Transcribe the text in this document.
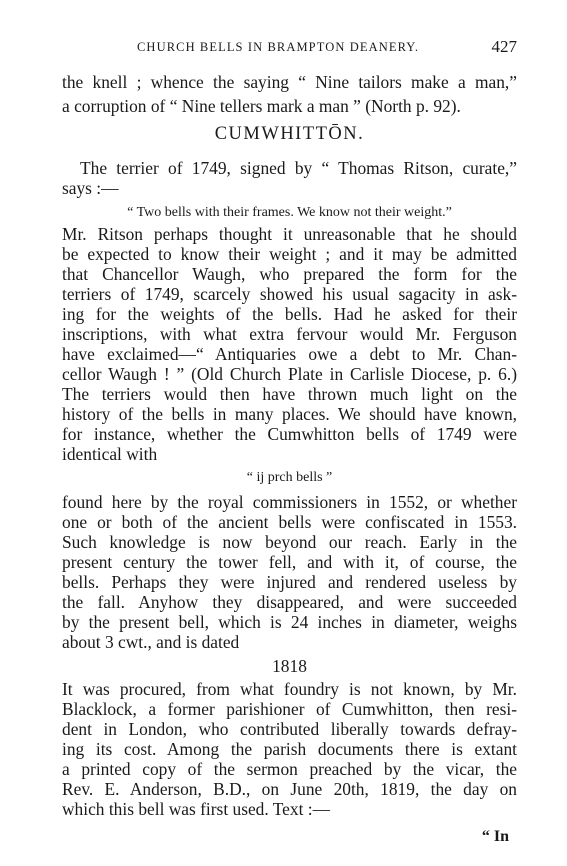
CHURCH BELLS IN BRAMPTON DEANERY.	427
CUMWHITTŌN.
the knell ; whence the saying “ Nine tailors make a man,”
a corruption of “ Nine tellers mark a man ” (North p. 92).
The terrier of 1749, signed by “ Thomas Ritson, curate,”
says :—
“ Two bells with their frames. We know not their weight.”
Mr. Ritson perhaps thought it unreasonable that he should
be expected to know their weight ; and it may be admitted
that Chancellor Waugh, who prepared the form for the
terriers of 1749, scarcely showed his usual sagacity in ask-
ing for the weights of the bells. Had he asked for their
inscriptions, with what extra fervour would Mr. Ferguson
have exclaimed—“ Antiquaries owe a debt to Mr. Chan-
cellor Waugh ! ” (Old Church Plate in Carlisle Diocese, p. 6.)
The terriers would then have thrown much light on the
history of the bells in many places. We should have known,
for instance, whether the Cumwhitton bells of 1749 were
identical with
“ ij prch bells ”
found here by the royal commissioners in 1552, or whether
one or both of the ancient bells were confiscated in 1553.
Such knowledge is now beyond our reach. Early in the
present century the tower fell, and with it, of course, the
bells. Perhaps they were injured and rendered useless by
the fall. Anyhow they disappeared, and were succeeded
by the present bell, which is 24 inches in diameter, weighs
about 3 cwt., and is dated
1818
It was procured, from what foundry is not known, by Mr.
Blacklock, a former parishioner of Cumwhitton, then resi-
dent in London, who contributed liberally towards defray-
ing its cost. Among the parish documents there is extant
a printed copy of the sermon preached by the vicar, the
Rev. E. Anderson, B.D., on June 20th, 1819, the day on
which this bell was first used. Text :—
“ In
